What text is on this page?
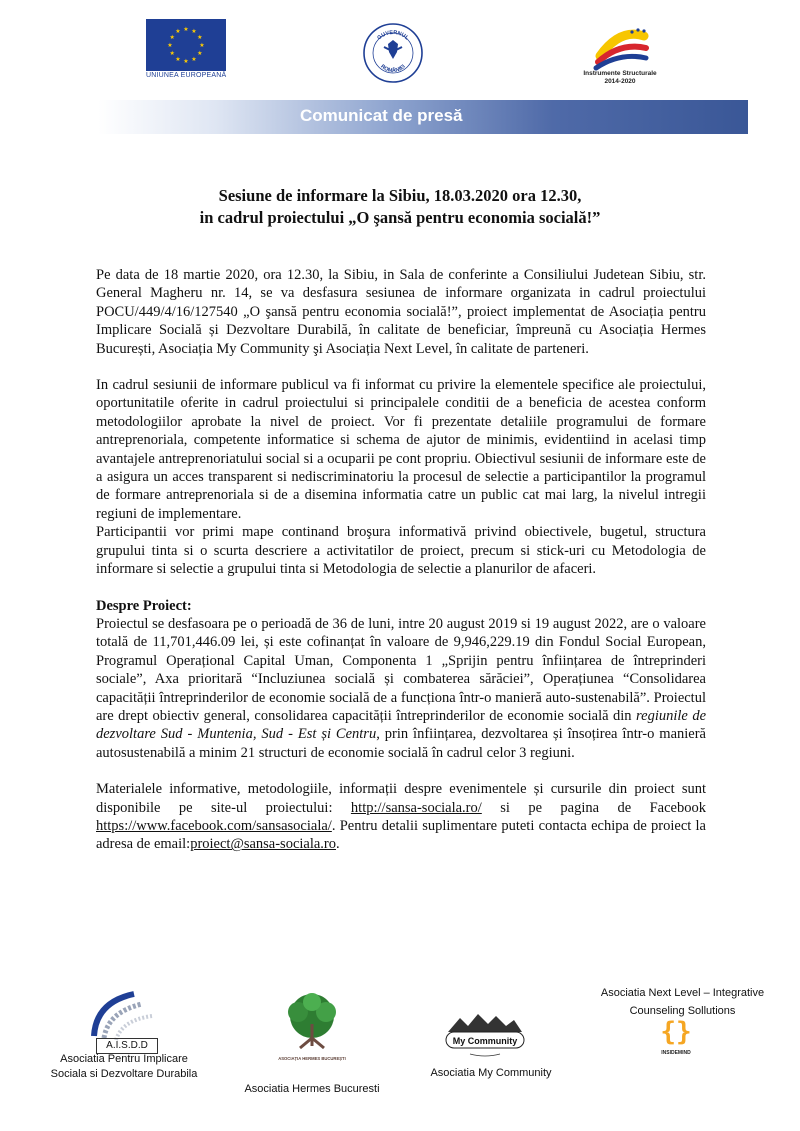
★
★
★
★
★
★
★
★
★ ★ ★
★
UNIUNEA EUROPEANĂ
GUVERNUL
ROMÂNIEI
Instrumente Structurale
2014-2020
Comunicat de presă
Sesiune de informare la Sibiu, 18.03.2020 ora 12.30,
in cadrul proiectului „O şansă pentru economia socială!”

Pe data de 18 martie 2020, ora 12.30, la Sibiu, in Sala de conferinte a Consiliului Judetean Sibiu, str. General Magheru nr. 14, se va desfasura sesiunea de informare organizata in cadrul proiectului POCU/449/4/16/127540 „O şansă pentru economia socială!”, proiect implementat de Asociația pentru Implicare Socială și Dezvoltare Durabilă, în calitate de beneficiar, împreună cu Asociația Hermes București, Asociația My Community şi Asociația Next Level, în calitate de parteneri.

In cadrul sesiunii de informare publicul va fi informat cu privire la elementele specifice ale proiectului, oportunitatile oferite in cadrul proiectului si principalele conditii de a beneficia de acestea conform metodologiilor aprobate la nivel de proiect. Vor fi prezentate detaliile programului de formare antreprenoriala, competente informatice si schema de ajutor de minimis, evidentiind in acelasi timp avantajele antreprenoriatului social si a ocuparii pe cont propriu. Obiectivul sesiunii de informare este de a asigura un acces transparent si nediscriminatoriu la procesul de selectie a participantilor la programul de formare antreprenoriala si de a disemina informatia catre un public cat mai larg, la nivelul intregii regiuni de implementare.

Participantii vor primi mape continand broşura informativă privind obiectivele, bugetul, structura grupului tinta si o scurta descriere a activitatilor de proiect, precum si stick-uri cu Metodologia de informare si selectie a grupului tinta si Metodologia de selectie a planurilor de afaceri.

Despre Proiect:

Proiectul se desfasoara pe o perioadă de 36 de luni, intre 20 august 2019 si 19 august 2022, are o valoare totală de 11,701,446.09 lei, și este cofinanțat în valoare de 9,946,229.19 din Fondul Social European, Programul Operațional Capital Uman, Componenta 1 „Sprijin pentru înființarea de întreprinderi sociale”, Axa prioritară “Incluziunea socială și combaterea sărăciei”, Operațiunea “Consolidarea capacității întreprinderilor de economie socială de a funcționa într-o manieră auto-sustenabilă”. Proiectul are drept obiectiv general, consolidarea capacității întreprinderilor de economie socială din regiunile de dezvoltare Sud - Muntenia, Sud - Est și Centru, prin înființarea, dezvoltarea și însoțirea într-o manieră autosustenabilă a minim 21 structuri de economie socială în cadrul celor 3 regiuni.

Materialele informative, metodologiile, informații despre evenimentele și cursurile din proiect sunt disponibile pe site-ul proiectului: http://sansa-sociala.ro/ si pe pagina de Facebook https://www.facebook.com/sansasociala/. Pentru detalii suplimentare puteti contacta echipa de proiect la adresa de email:proiect@sansa-sociala.ro.

A.I.S.D.D
Asociatia Pentru Implicare
Sociala si Dezvoltare Durabila
ASOCIAȚIA HERMES BUCUREȘTI
Asociatia Hermes Bucuresti
My Community
Asociatia My Community
Asociatia Next Level – Integrative
Counseling Sollutions
{}
INSIDEMIND
